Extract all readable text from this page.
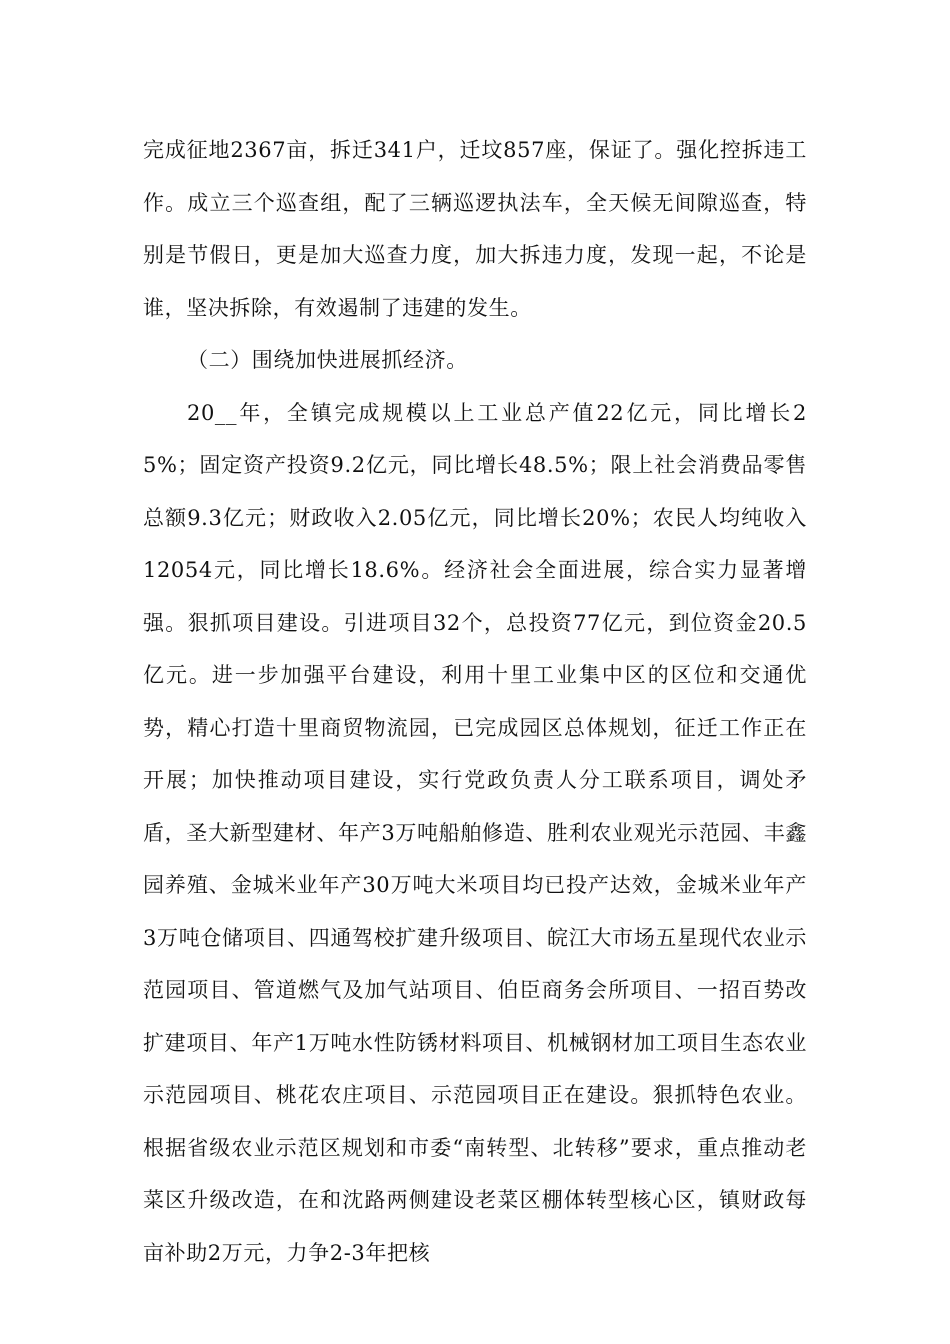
完成征地2367亩，拆迁341户，迁坟857座，保证了。强化控拆违工作。成立三个巡查组，配了三辆巡逻执法车，全天候无间隙巡查，特别是节假日，更是加大巡查力度，加大拆违力度，发现一起，不论是谁，坚决拆除，有效遏制了违建的发生。

（二）围绕加快进展抓经济。

20__年，全镇完成规模以上工业总产值22亿元，同比增长25%；固定资产投资9.2亿元，同比增长48.5%；限上社会消费品零售总额9.3亿元；财政收入2.05亿元，同比增长20%；农民人均纯收入12054元，同比增长18.6%。经济社会全面进展，综合实力显著增强。狠抓项目建设。引进项目32个，总投资77亿元，到位资金20.5亿元。进一步加强平台建设，利用十里工业集中区的区位和交通优势，精心打造十里商贸物流园，已完成园区总体规划，征迁工作正在开展；加快推动项目建设，实行党政负责人分工联系项目，调处矛盾，圣大新型建材、年产3万吨船舶修造、胜利农业观光示范园、丰鑫园养殖、金城米业年产30万吨大米项目均已投产达效，金城米业年产3万吨仓储项目、四通驾校扩建升级项目、皖江大市场五星现代农业示范园项目、管道燃气及加气站项目、伯臣商务会所项目、一招百势改扩建项目、年产1万吨水性防锈材料项目、机械钢材加工项目生态农业示范园项目、桃花农庄项目、示范园项目正在建设。狠抓特色农业。根据省级农业示范区规划和市委“南转型、北转移”要求，重点推动老菜区升级改造，在和沈路两侧建设老菜区棚体转型核心区，镇财政每亩补助2万元，力争2-3年把核
